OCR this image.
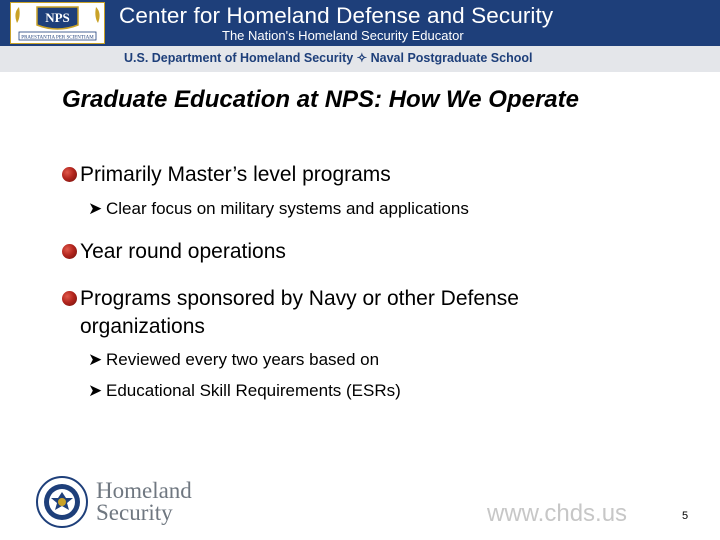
NPS
PRAESTANTIA PER SCIENTIAM
Center for Homeland Defense and Security
The Nation's Homeland Security Educator
U.S. Department of Homeland Security ✧ Naval Postgraduate School
Graduate Education at NPS: How We Operate
Primarily Master’s level programs
➤ Clear focus on military systems and applications
Year round operations
Programs sponsored by Navy or other Defense organizations
➤ Reviewed every two years based on
➤ Educational Skill Requirements (ESRs)
Homeland
Security	www.chds.us	5
